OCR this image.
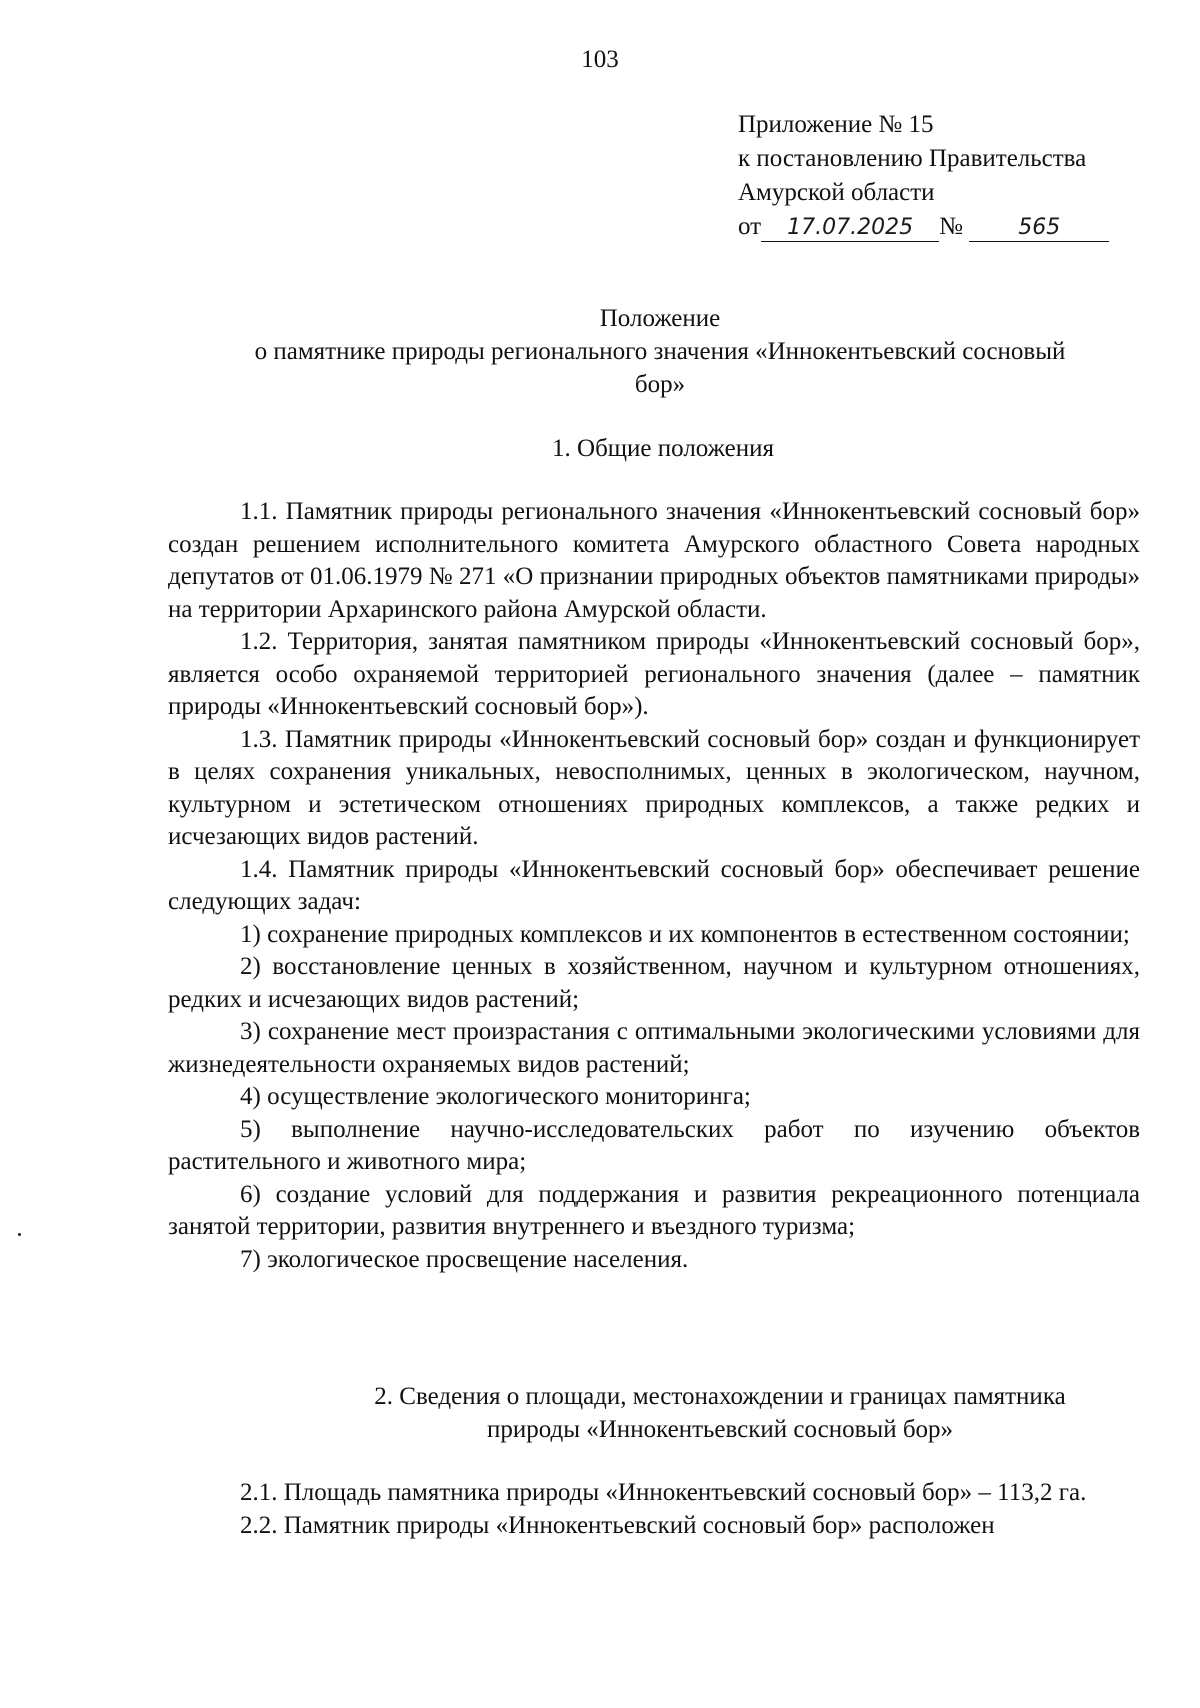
103
Приложение № 15
к постановлению Правительства
Амурской области
от 17.07.2025 №	565
Положение
о памятнике природы регионального значения «Иннокентьевский сосновый
бор»
1. Общие положения

1.1. Памятник природы регионального значения «Иннокентьевский сосновый бор» создан решением исполнительного комитета Амурского областного Совета народных депутатов от 01.06.1979 № 271 «О признании природных объектов памятниками природы» на территории Архаринского района Амурской области.

1.2. Территория, занятая памятником природы «Иннокентьевский сосновый бор», является особо охраняемой территорией регионального значения (далее – памятник природы «Иннокентьевский сосновый бор»).

1.3. Памятник природы «Иннокентьевский сосновый бор» создан и функционирует в целях сохранения уникальных, невосполнимых, ценных в экологическом, научном, культурном и эстетическом отношениях природных комплексов, а также редких и исчезающих видов растений.

1.4. Памятник природы «Иннокентьевский сосновый бор» обеспечивает решение следующих задач:

1) сохранение природных комплексов и их компонентов в естественном состоянии;

2) восстановление ценных в хозяйственном, научном и культурном отношениях, редких и исчезающих видов растений;

3) сохранение мест произрастания с оптимальными экологическими условиями для жизнедеятельности охраняемых видов растений;

4) осуществление экологического мониторинга;

5) выполнение научно-исследовательских работ по изучению объектов растительного и животного мира;

6) создание условий для поддержания и развития рекреационного потенциала занятой территории, развития внутреннего и въездного туризма;

7) экологическое просвещение населения.

2. Сведения о площади, местонахождении и границах памятника
природы «Иннокентьевский сосновый бор»

2.1. Площадь памятника природы «Иннокентьевский сосновый бор» – 113,2 га.

2.2. Памятник природы «Иннокентьевский сосновый бор» расположен
